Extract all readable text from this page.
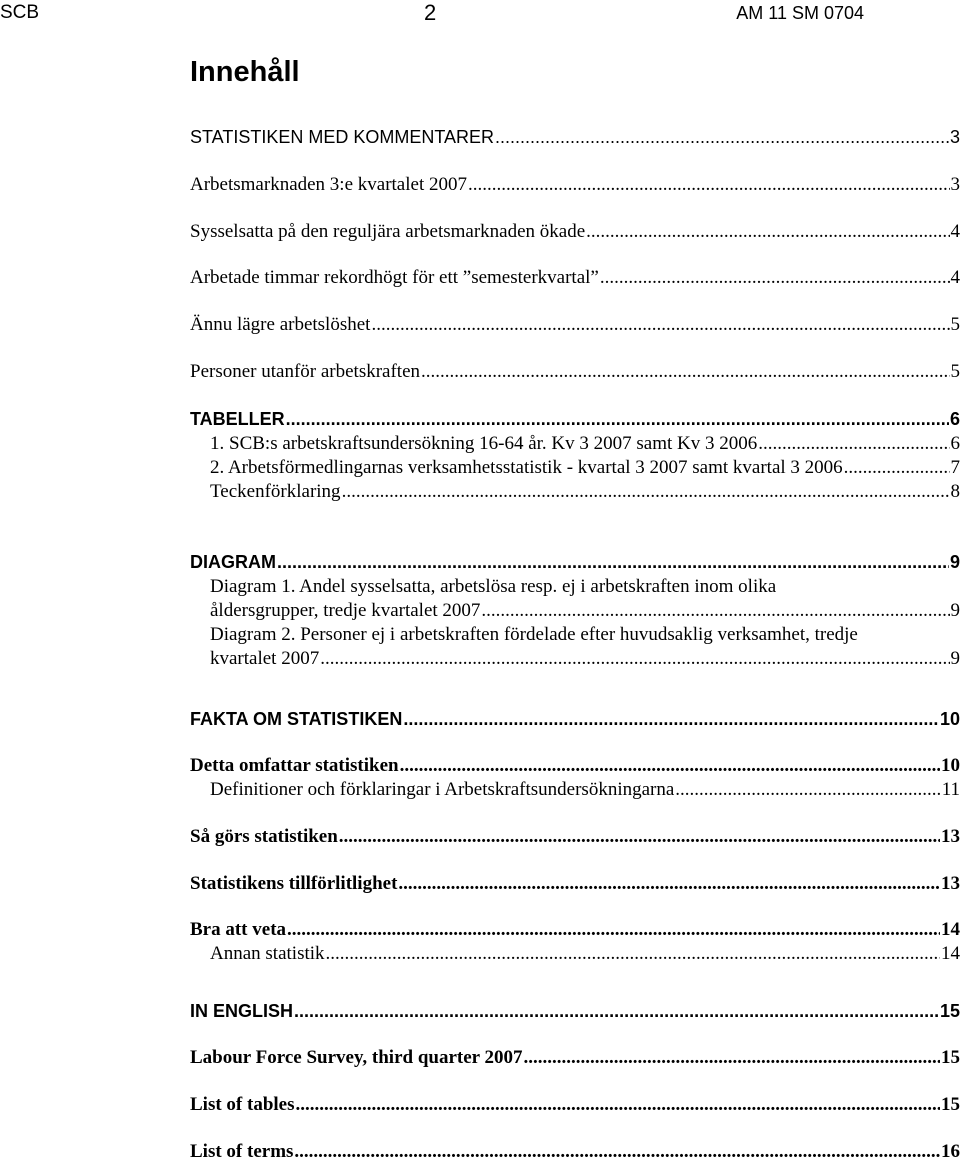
SCB	2	AM 11 SM 0704
Innehåll
STATISTIKEN MED KOMMENTARER .....	3
Arbetsmarknaden 3:e kvartalet 2007 .....	3
Sysselsatta på den reguljära arbetsmarknaden ökade .....	4
Arbetade timmar rekordhögt för ett ”semesterkvartal” .....	4
Ännu lägre arbetslöshet .....	5
Personer utanför arbetskraften .....	5
TABELLER .....	6
1. SCB:s arbetskraftsundersökning 16-64 år. Kv 3 2007 samt Kv 3 2006 .....	6
2. Arbetsförmedlingarnas verksamhetsstatistik - kvartal 3 2007 samt kvartal 3 2006 .....	7
Teckenförklaring .....	8
DIAGRAM .....	9
Diagram 1. Andel sysselsatta, arbetslösa resp. ej i arbetskraften inom olika
åldersgrupper, tredje kvartalet 2007 .....	9
Diagram 2. Personer ej i arbetskraften fördelade efter huvudsaklig verksamhet, tredje
kvartalet 2007 .....	9
FAKTA OM STATISTIKEN .....	10
Detta omfattar statistiken .....	10
Definitioner och förklaringar i Arbetskraftsundersökningarna .....	11
Så görs statistiken .....	13
Statistikens tillförlitlighet .....	13
Bra att veta .....	14
Annan statistik .....	14
IN ENGLISH .....	15
Labour Force Survey, third quarter 2007 .....	15
List of tables .....	15
List of terms .....	16
